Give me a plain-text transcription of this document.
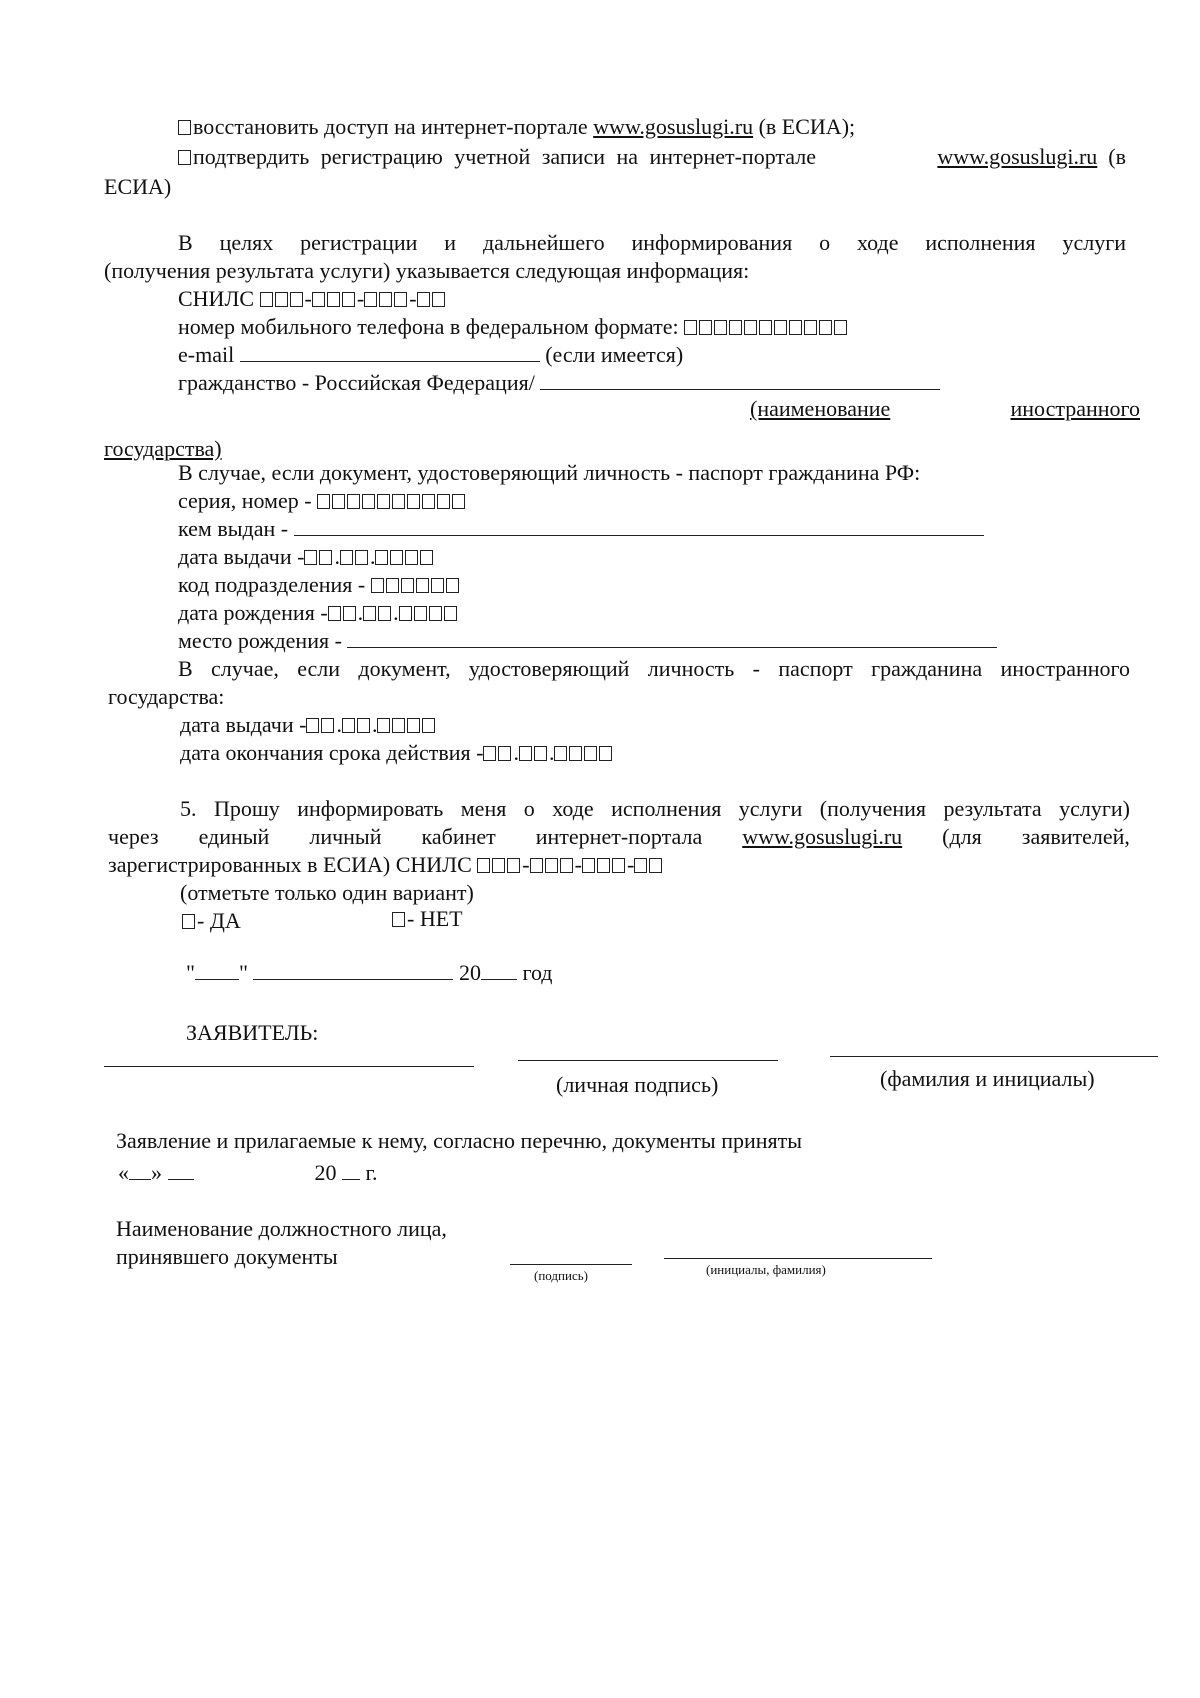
восстановить доступ на интернет-портале www.gosuslugi.ru (в ЕСИА);
подтвердить регистрацию учетной записи на интернет-портале	www.gosuslugi.ru (в
ЕСИА)
В целях регистрации и дальнейшего информирования о ходе исполнения услуги
(получения результата услуги) указывается следующая информация:
СНИЛС - - -
номер мобильного телефона в федеральном формате:
e-mail	(если имеется)
гражданство - Российская Федерация/
(наименование	иностранного
государства)
В случае, если документ, удостоверяющий личность - паспорт гражданина РФ:
серия, номер -
кем выдан -
дата выдачи - . .
код подразделения -
дата рождения - . .
место рождения -
В случае, если документ, удостоверяющий личность - паспорт гражданина иностранного
государства:
дата выдачи - . .
дата окончания срока действия - . .
5. Прошу информировать меня о ходе исполнения услуги (получения результата услуги)
через единый личный кабинет интернет-портала www.gosuslugi.ru (для заявителей,
зарегистрированных в ЕСИА) СНИЛС - - -
(отметьте только один вариант)
- ДА	- НЕТ
" "	20 год
ЗАЯВИТЕЛЬ:
(личная подпись)	(фамилия и инициалы)
Заявление и прилагаемые к нему, согласно перечню, документы приняты
« »	20 г.
Наименование должностного лица,
принявшего документы
(подпись)	(инициалы, фамилия)
